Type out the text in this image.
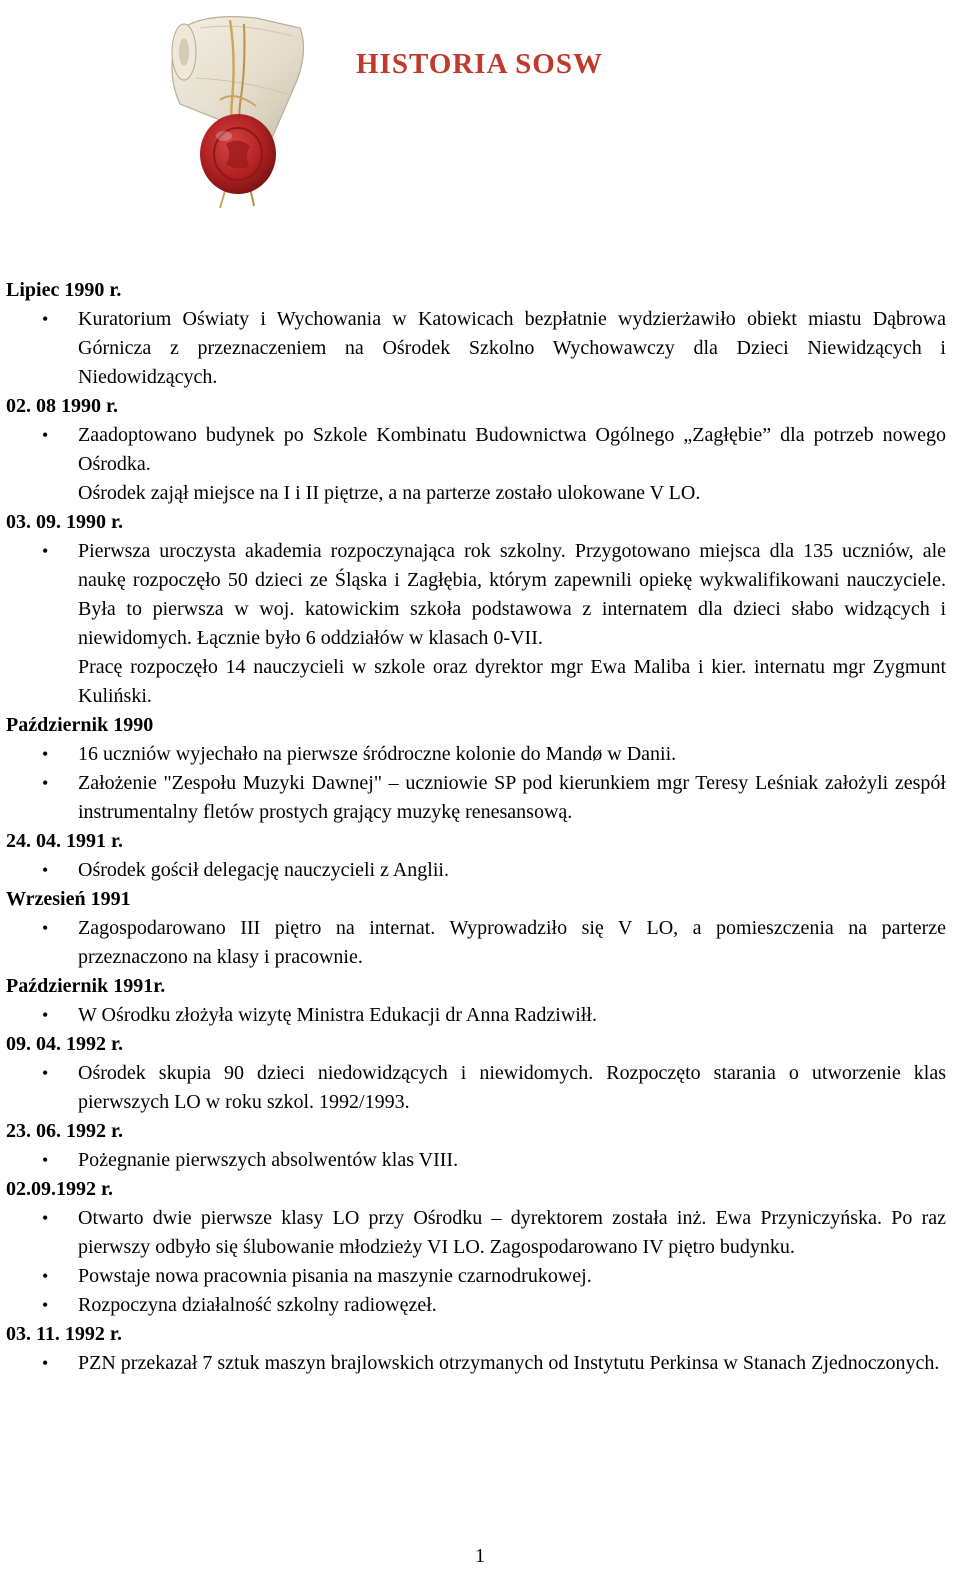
HISTORIA SOSW
Lipiec 1990 r.
• Kuratorium Oświaty i Wychowania w Katowicach bezpłatnie wydzierżawiło obiekt miastu Dąbrowa Górnicza z przeznaczeniem na Ośrodek Szkolno Wychowawczy dla Dzieci Niewidzących i Niedowidzących.
02. 08 1990 r.
• Zaadoptowano budynek po Szkole Kombinatu Budownictwa Ogólnego „Zagłębie” dla potrzeb nowego Ośrodka.
Ośrodek zajął miejsce na I i II piętrze, a na parterze zostało ulokowane V LO.
03. 09. 1990 r.
• Pierwsza uroczysta akademia rozpoczynająca rok szkolny. Przygotowano miejsca dla 135 uczniów, ale naukę rozpoczęło 50 dzieci ze Śląska i Zagłębia, którym zapewnili opiekę wykwalifikowani nauczyciele. Była to pierwsza w woj. katowickim szkoła podstawowa z internatem dla dzieci słabo widzących i niewidomych. Łącznie było 6 oddziałów w klasach 0-VII.
Pracę rozpoczęło 14 nauczycieli w szkole oraz dyrektor mgr Ewa Maliba i kier. internatu mgr Zygmunt Kuliński.
Październik 1990
• 16 uczniów wyjechało na pierwsze śródroczne kolonie do Mandø w Danii.
• Założenie "Zespołu Muzyki Dawnej" – uczniowie SP pod kierunkiem mgr Teresy Leśniak założyli zespół instrumentalny fletów prostych grający muzykę renesansową.
24. 04. 1991 r.
• Ośrodek gościł delegację nauczycieli z Anglii.
Wrzesień 1991
• Zagospodarowano III piętro na internat. Wyprowadziło się V LO, a pomieszczenia na parterze przeznaczono na klasy i pracownie.
Październik 1991r.
• W Ośrodku złożyła wizytę Ministra Edukacji dr Anna Radziwiłł.
09. 04. 1992 r.
• Ośrodek skupia 90 dzieci niedowidzących i niewidomych. Rozpoczęto starania o utworzenie klas pierwszych LO w roku szkol. 1992/1993.
23. 06. 1992 r.
• Pożegnanie pierwszych absolwentów klas VIII.
02.09.1992 r.
• Otwarto dwie pierwsze klasy LO przy Ośrodku – dyrektorem została inż. Ewa Przyniczyńska. Po raz pierwszy odbyło się ślubowanie młodzieży VI LO. Zagospodarowano IV piętro budynku.
• Powstaje nowa pracownia pisania na maszynie czarnodrukowej.
• Rozpoczyna działalność szkolny radiowęzeł.
03. 11. 1992 r.
• PZN przekazał 7 sztuk maszyn brajlowskich otrzymanych od Instytutu Perkinsa w Stanach Zjednoczonych.
1
